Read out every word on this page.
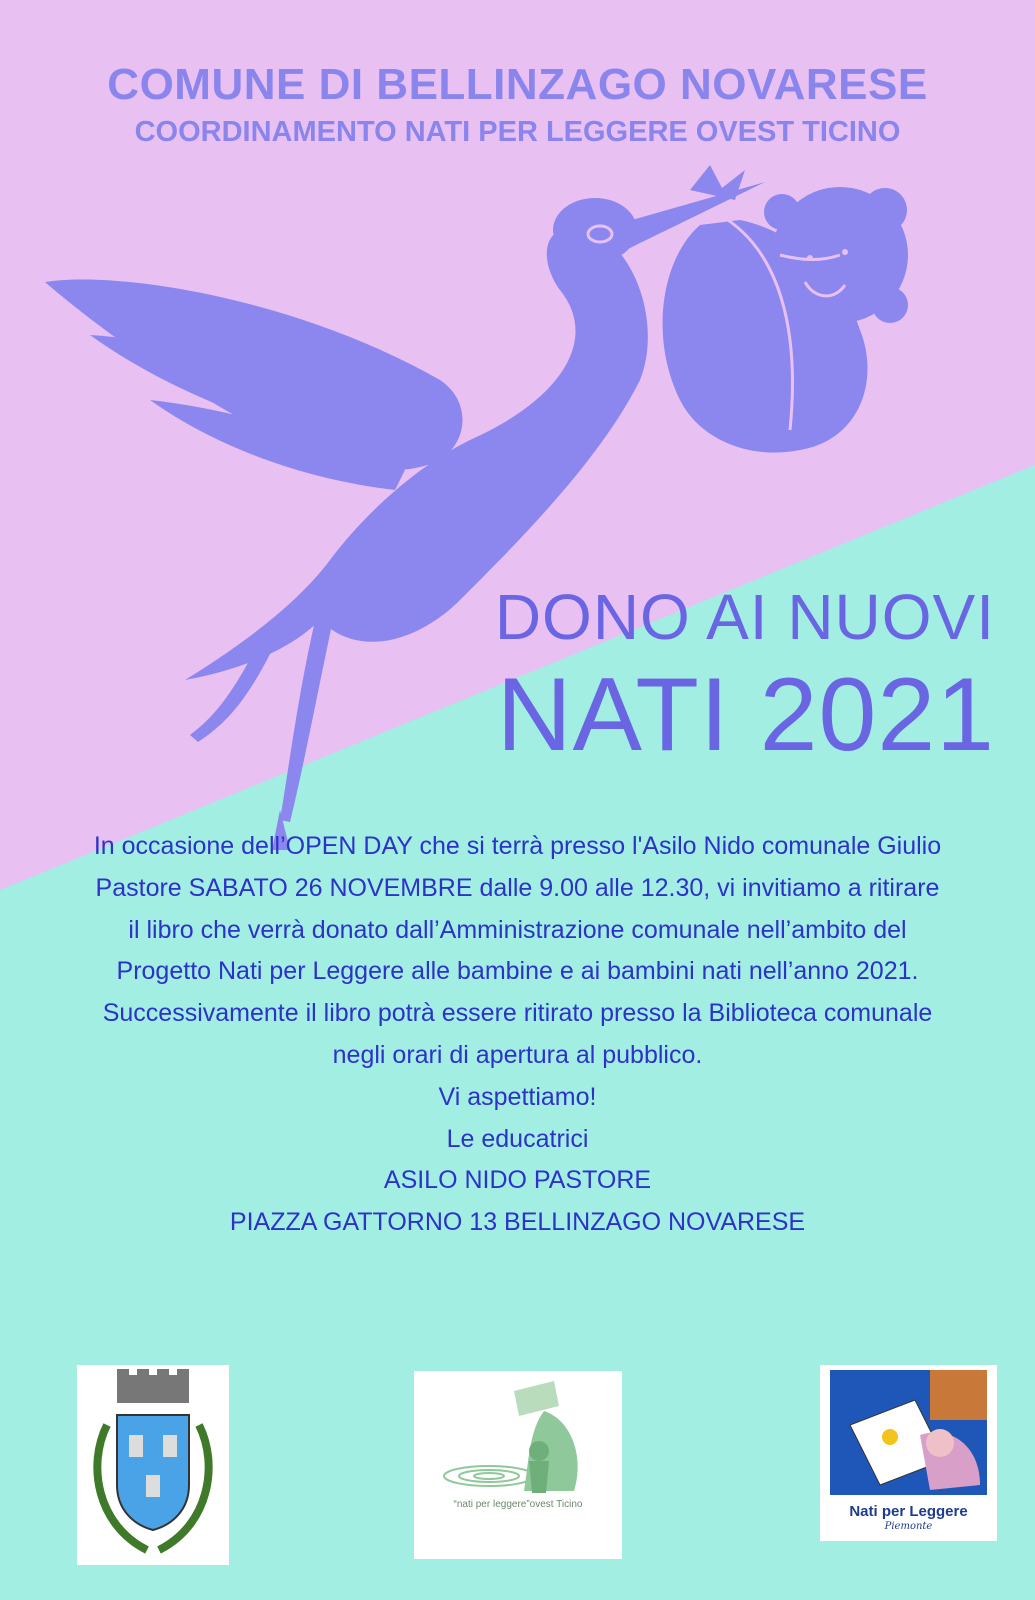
COMUNE DI BELLINZAGO NOVARESE
COORDINAMENTO NATI PER LEGGERE OVEST TICINO
DONO AI NUOVI
NATI 2021

In occasione dell’OPEN DAY che si terrà presso l'Asilo Nido comunale Giulio Pastore SABATO 26 NOVEMBRE dalle 9.00 alle 12.30, vi invitiamo a ritirare il libro che verrà donato dall’Amministrazione comunale nell’ambito del Progetto Nati per Leggere alle bambine e ai bambini nati nell’anno 2021.

Successivamente il libro potrà essere ritirato presso la Biblioteca comunale negli orari di apertura al pubblico.

Vi aspettiamo!

Le educatrici

ASILO NIDO PASTORE

PIAZZA GATTORNO 13 BELLINZAGO NOVARESE

“nati per leggere”ovest Ticino	Nati per Leggere
Piemonte
